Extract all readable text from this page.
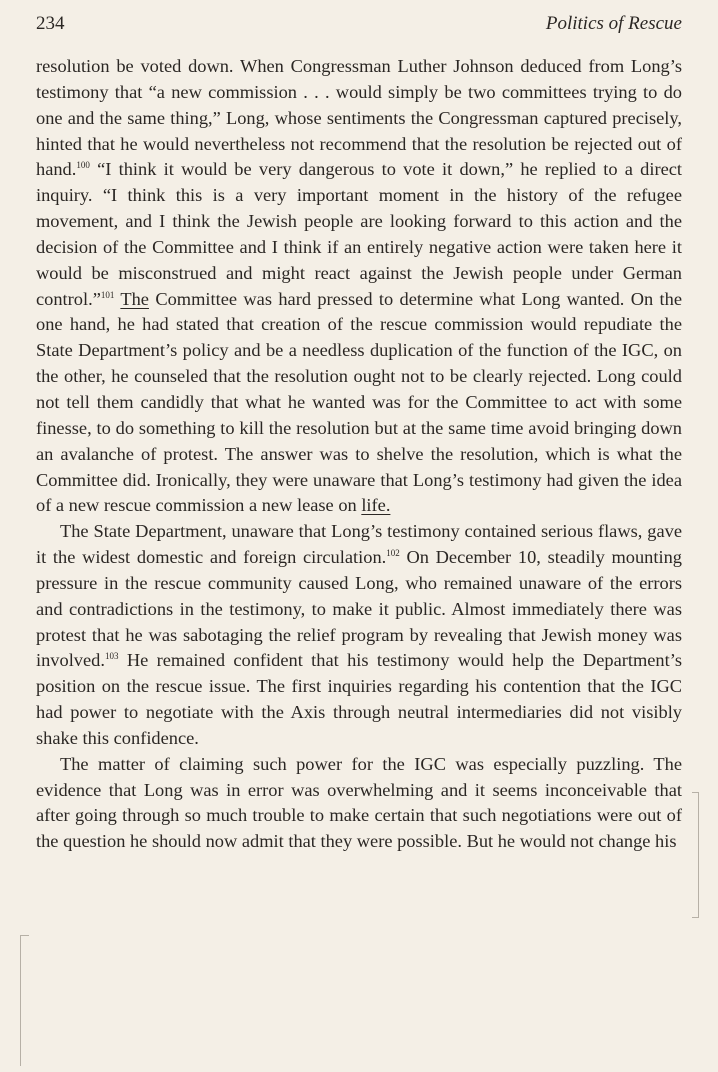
234	Politics of Rescue

resolution be voted down. When Congressman Luther Johnson deduced from Long’s testimony that “a new commission . . . would simply be two committees trying to do one and the same thing,” Long, whose sentiments the Congressman captured precisely, hinted that he would nevertheless not recommend that the resolution be rejected out of hand.$^{100}$ “I think it would be very dangerous to vote it down,” he replied to a direct inquiry. “I think this is a very important moment in the history of the refugee movement, and I think the Jewish people are looking forward to this action and the decision of the Committee and I think if an entirely negative action were taken here it would be misconstrued and might react against the Jewish people under German control.”$^{101}$ The Committee was hard pressed to determine what Long wanted. On the one hand, he had stated that creation of the rescue commission would repudiate the State Department’s policy and be a needless duplication of the function of the IGC, on the other, he counseled that the resolution ought not to be clearly rejected. Long could not tell them candidly that what he wanted was for the Committee to act with some finesse, to do something to kill the resolution but at the same time avoid bringing down an avalanche of protest. The answer was to shelve the resolution, which is what the Committee did. Ironically, they were unaware that Long’s testimony had given the idea of a new rescue commission a new lease on life.

The State Department, unaware that Long’s testimony contained serious flaws, gave it the widest domestic and foreign circulation.$^{102}$ On December 10, steadily mounting pressure in the rescue community caused Long, who remained unaware of the errors and contradictions in the testimony, to make it public. Almost immediately there was protest that he was sabotaging the relief program by revealing that Jewish money was involved.$^{103}$ He remained confident that his testimony would help the Department’s position on the rescue issue. The first inquiries regarding his contention that the IGC had power to negotiate with the Axis through neutral intermediaries did not visibly shake this confidence.

The matter of claiming such power for the IGC was especially puzzling. The evidence that Long was in error was overwhelming and it seems inconceivable that after going through so much trouble to make certain that such negotiations were out of the question he should now admit that they were possible. But he would not change his
